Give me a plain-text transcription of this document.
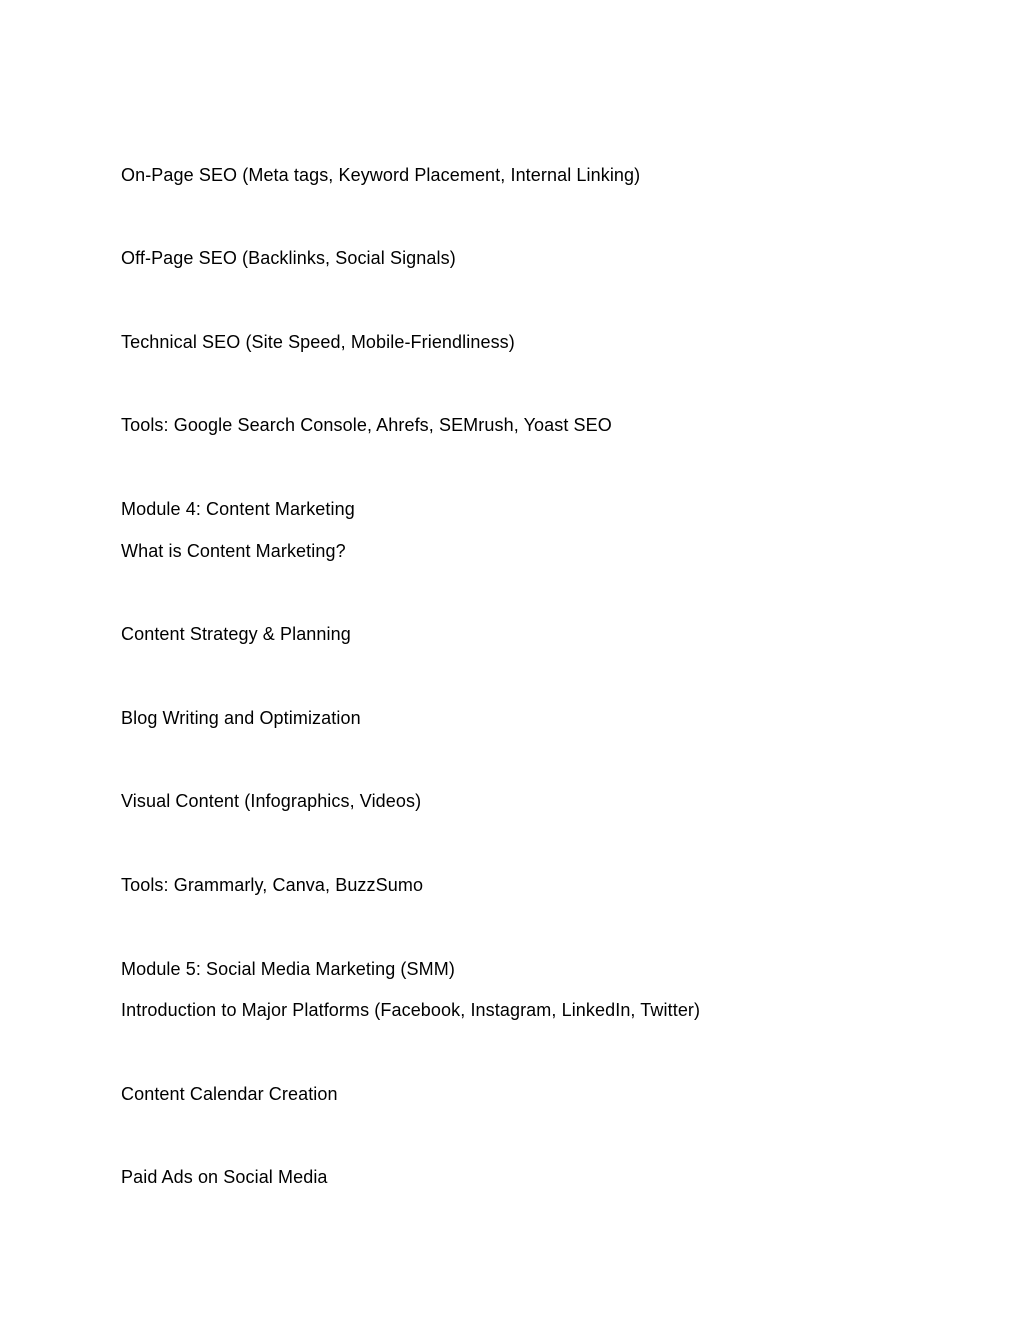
On-Page SEO (Meta tags, Keyword Placement, Internal Linking)
Off-Page SEO (Backlinks, Social Signals)
Technical SEO (Site Speed, Mobile-Friendliness)
Tools: Google Search Console, Ahrefs, SEMrush, Yoast SEO
Module 4: Content Marketing
What is Content Marketing?
Content Strategy & Planning
Blog Writing and Optimization
Visual Content (Infographics, Videos)
Tools: Grammarly, Canva, BuzzSumo
Module 5: Social Media Marketing (SMM)
Introduction to Major Platforms (Facebook, Instagram, LinkedIn, Twitter)
Content Calendar Creation
Paid Ads on Social Media
